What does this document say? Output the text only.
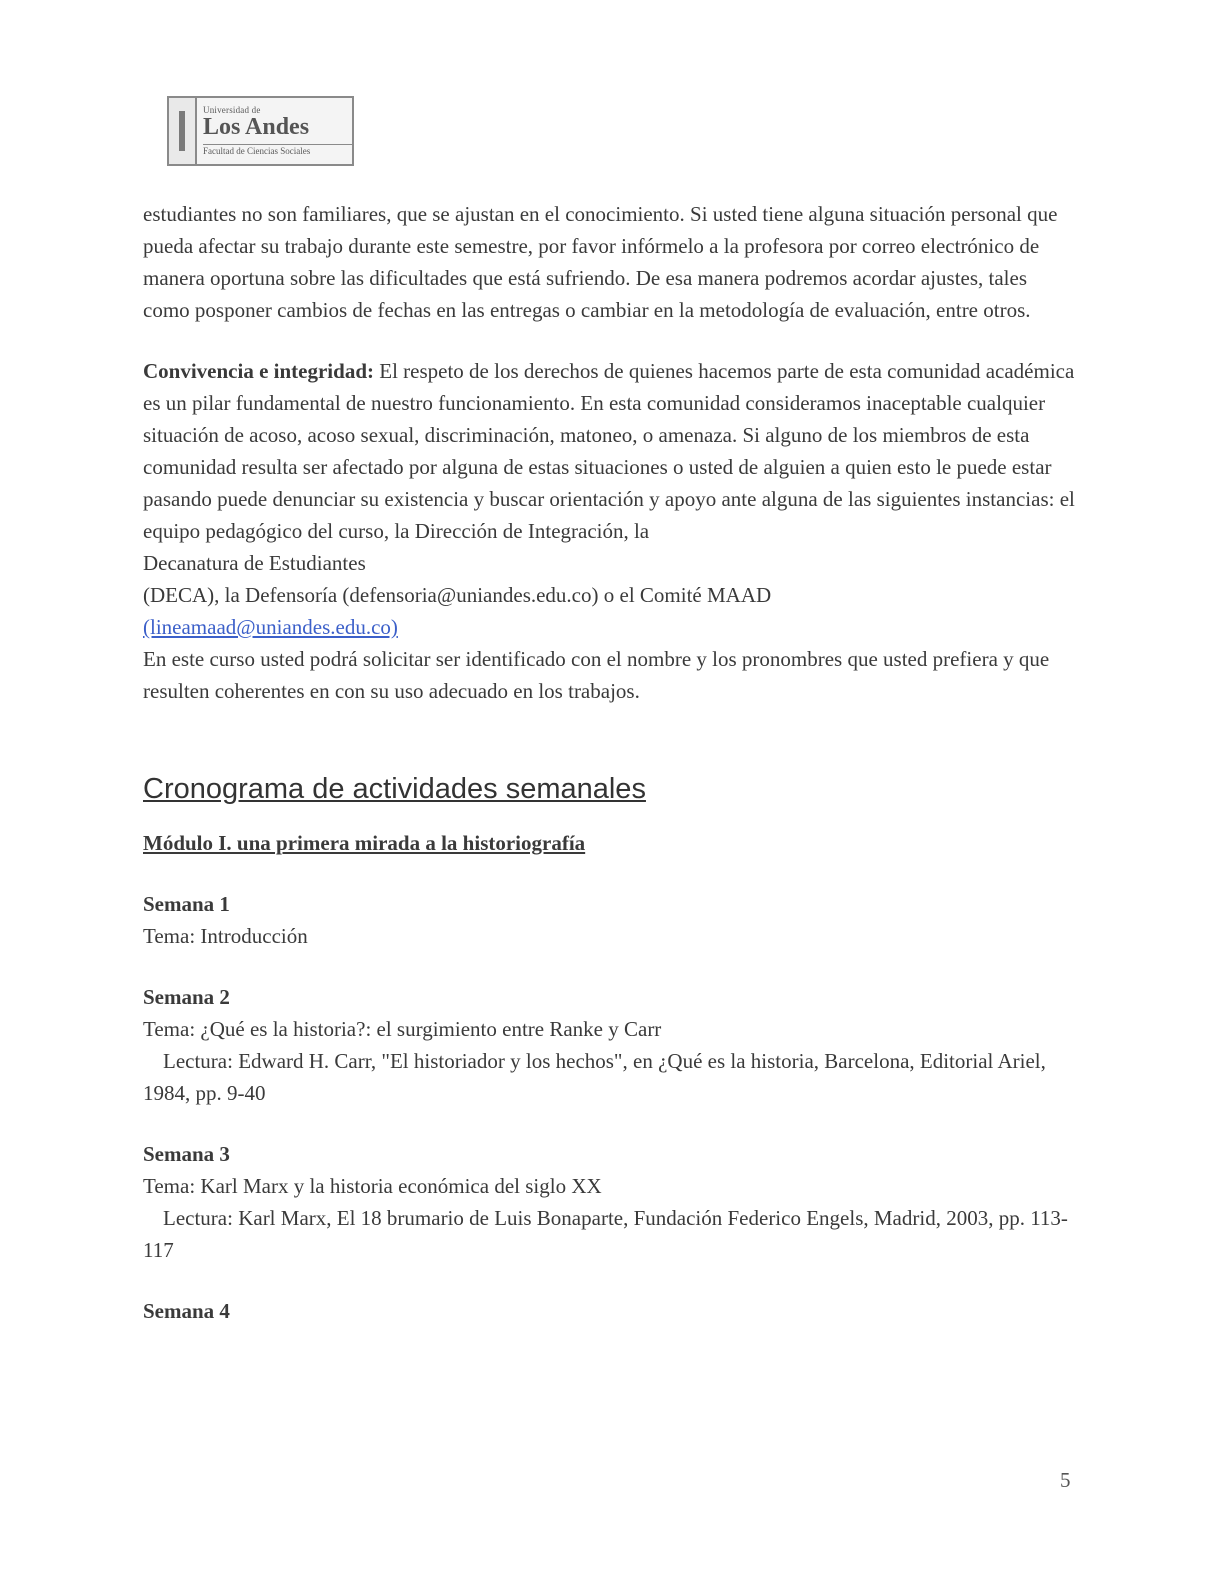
Universidad de
Los Andes
Facultad de Ciencias Sociales

estudiantes no son familiares, que se ajustan en el conocimiento. Si usted tiene alguna situación personal que pueda afectar su trabajo durante este semestre, por favor infórmelo a la profesora por correo electrónico de manera oportuna sobre las dificultades que está sufriendo. De esa manera podremos acordar ajustes, tales como posponer cambios de fechas en las entregas o cambiar en la metodología de evaluación, entre otros.

Convivencia e integridad: El respeto de los derechos de quienes hacemos parte de esta comunidad académica es un pilar fundamental de nuestro funcionamiento. En esta comunidad consideramos inaceptable cualquier situación de acoso, acoso sexual, discriminación, matoneo, o amenaza. Si alguno de los miembros de esta comunidad resulta ser afectado por alguna de estas situaciones o usted de alguien a quien esto le puede estar pasando puede denunciar su existencia y buscar orientación y apoyo ante alguna de las siguientes instancias: el equipo pedagógico del curso, la Dirección de Integración, la

Decanatura de Estudiantes

(DECA), la Defensoría (defensoria@uniandes.edu.co) o el Comité MAAD

(lineamaad@uniandes.edu.co)

En este curso usted podrá solicitar ser identificado con el nombre y los pronombres que usted prefiera y que resulten coherentes en con su uso adecuado en los trabajos.

Cronograma de actividades semanales

Módulo I. una primera mirada a la historiografía

Semana 1

Tema: Introducción

Semana 2

Tema: ¿Qué es la historia?: el surgimiento entre Ranke y Carr

Lectura: Edward H. Carr, "El historiador y los hechos", en ¿Qué es la historia, Barcelona, Editorial Ariel, 1984, pp. 9-40

Semana 3

Tema: Karl Marx y la historia económica del siglo XX

Lectura: Karl Marx, El 18 brumario de Luis Bonaparte, Fundación Federico Engels, Madrid, 2003, pp. 113-117

Semana 4

5
